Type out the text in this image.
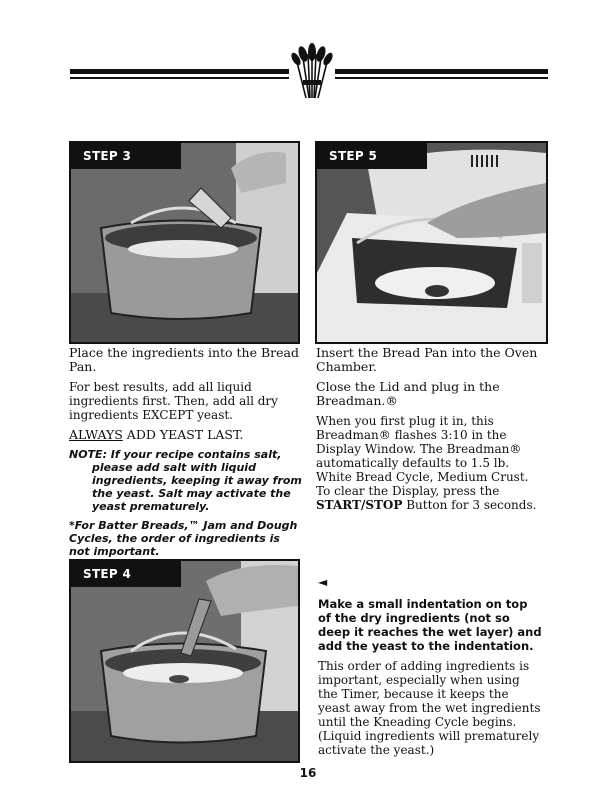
STEP 3	STEP 5

Place the ingredients into the Bread Pan.

For best results, add all liquid ingredients first. Then, add all dry ingredients EXCEPT yeast.

ALWAYS ADD YEAST LAST.

NOTE: If your recipe contains salt,
please add salt with liquid ingredients, keeping it away from the yeast. Salt may activate the yeast prematurely.

*For Batter Breads,™ Jam and Dough Cycles, the order of ingredients is not important.

Insert the Bread Pan into the Oven Chamber.

Close the Lid and plug in the Breadman.®

When you first plug it in, this Breadman® flashes 3:10 in the Display Window. The Breadman® automatically defaults to 1.5 lb. White Bread Cycle, Medium Crust. To clear the Display, press the START/STOP Button for 3 seconds.

STEP 4
◄

Make a small indentation on top of the dry ingredients (not so deep it reaches the wet layer) and add the yeast to the indentation.

This order of adding ingredients is important, especially when using the Timer, because it keeps the yeast away from the wet ingredients until the Kneading Cycle begins. (Liquid ingredients will prematurely activate the yeast.)

16
